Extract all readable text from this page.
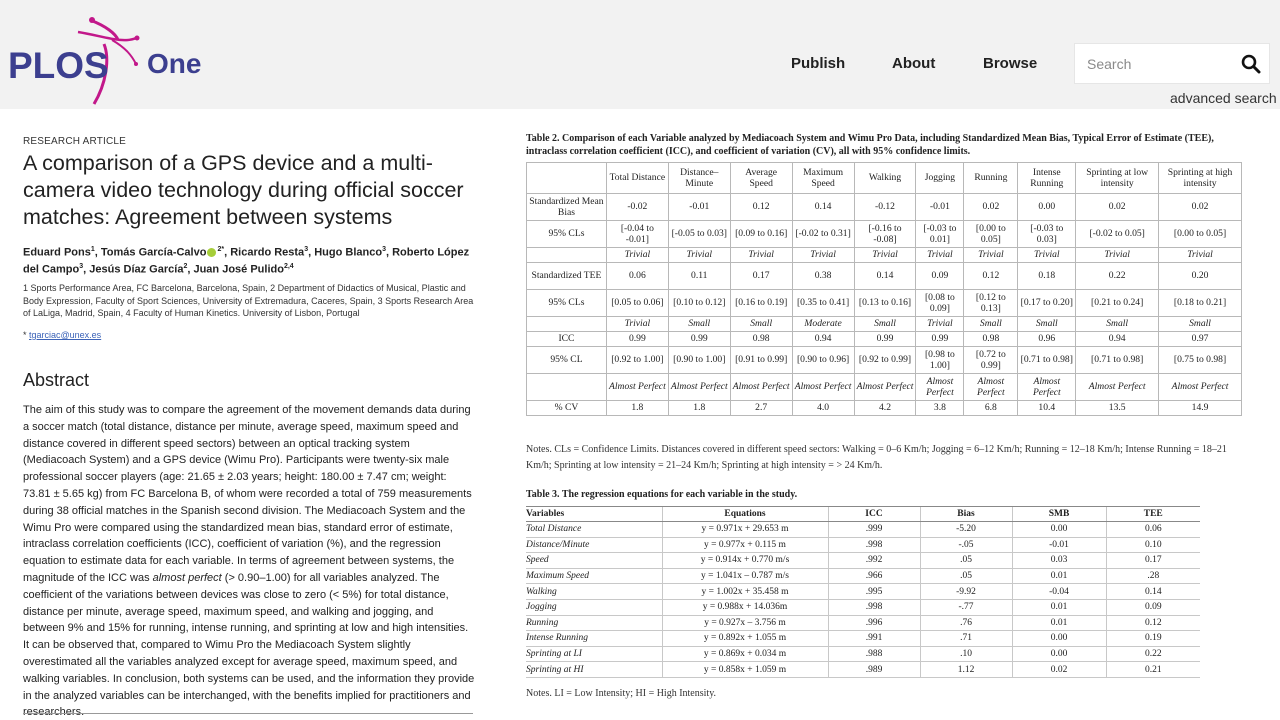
PLOS One	Publish	About	Browse
Search
advanced search
RESEARCH ARTICLE
A comparison of a GPS device and a multi-camera video technology during official soccer matches: Agreement between systems
Eduard Pons$^1$, Tomás García-Calvo $^{2*}$, Ricardo Resta$^3$, Hugo Blanco$^3$, Roberto López del Campo$^3$, Jesús Díaz García$^2$, Juan José Pulido$^{2,4}$
1 Sports Performance Area, FC Barcelona, Barcelona, Spain, 2 Department of Didactics of Musical, Plastic and Body Expression, Faculty of Sport Sciences, University of Extremadura, Caceres, Spain, 3 Sports Research Area of LaLiga, Madrid, Spain, 4 Faculty of Human Kinetics. University of Lisbon, Portugal
* tgarciac@unex.es
Abstract
The aim of this study was to compare the agreement of the movement demands data during a soccer match (total distance, distance per minute, average speed, maximum speed and distance covered in different speed sectors) between an optical tracking system (Mediacoach System) and a GPS device (Wimu Pro). Participants were twenty-six male professional soccer players (age: 21.65 ± 2.03 years; height: 180.00 ± 7.47 cm; weight: 73.81 ± 5.65 kg) from FC Barcelona B, of whom were recorded a total of 759 measurements during 38 official matches in the Spanish second division. The Mediacoach System and the Wimu Pro were compared using the standardized mean bias, standard error of estimate, intraclass correlation coefficients (ICC), coefficient of variation (%), and the regression equation to estimate data for each variable. In terms of agreement between systems, the magnitude of the ICC was almost perfect (> 0.90–1.00) for all variables analyzed. The coefficient of the variations between devices was close to zero (< 5%) for total distance, distance per minute, average speed, maximum speed, and walking and jogging, and between 9% and 15% for running, intense running, and sprinting at low and high intensities. It can be observed that, compared to Wimu Pro the Mediacoach System slightly overestimated all the variables analyzed except for average speed, maximum speed, and walking variables. In conclusion, both systems can be used, and the information they provide in the analyzed variables can be interchanged, with the benefits implied for practitioners and
Table 2. Comparison of each Variable analyzed by Mediacoach System and Wimu Pro Data, including Standardized Mean Bias, Typical Error of Estimate (TEE), intraclass correlation coefficient (ICC), and coefficient of variation (CV), all with 95% confidence limits.
	Total Distance	Distance–Minute	Average Speed	Maximum Speed	Walking	Jogging	Running	Intense Running	Sprinting at low intensity	Sprinting at high intensity
Standardized Mean Bias	-0.02	-0.01	0.12	0.14	-0.12	-0.01	0.02	0.00	0.02	0.02
95% CLs	[-0.04 to -0.01]	[-0.05 to 0.03]	[0.09 to 0.16]	[-0.02 to 0.31]	[-0.16 to -0.08]	[-0.03 to 0.01]	[0.00 to 0.05]	[-0.03 to 0.03]	[-0.02 to 0.05]	[0.00 to 0.05]
	Trivial	Trivial	Trivial	Trivial	Trivial	Trivial	Trivial	Trivial	Trivial	Trivial
Standardized TEE	0.06	0.11	0.17	0.38	0.14	0.09	0.12	0.18	0.22	0.20
95% CLs	[0.05 to 0.06]	[0.10 to 0.12]	[0.16 to 0.19]	[0.35 to 0.41]	[0.13 to 0.16]	[0.08 to 0.09]	[0.12 to 0.13]	[0.17 to 0.20]	[0.21 to 0.24]	[0.18 to 0.21]
	Trivial	Small	Small	Moderate	Small	Trivial	Small	Small	Small	Small
ICC	0.99	0.99	0.98	0.94	0.99	0.99	0.98	0.96	0.94	0.97
95% CL	[0.92 to 1.00]	[0.90 to 1.00]	[0.91 to 0.99]	[0.90 to 0.96]	[0.92 to 0.99]	[0.98 to 1.00]	[0.72 to 0.99]	[0.71 to 0.98]	[0.71 to 0.98]	[0.75 to 0.98]
	Almost Perfect	Almost Perfect	Almost Perfect	Almost Perfect	Almost Perfect	Almost Perfect	Almost Perfect	Almost Perfect	Almost Perfect	Almost Perfect
% CV	1.8	1.8	2.7	4.0	4.2	3.8	6.8	10.4	13.5	14.9
Notes. CLs = Confidence Limits. Distances covered in different speed sectors: Walking = 0–6 Km/h; Jogging = 6–12 Km/h; Running = 12–18 Km/h; Intense Running = 18–21 Km/h; Sprinting at low intensity = 21–24 Km/h; Sprinting at high intensity = > 24 Km/h.
Table 3. The regression equations for each variable in the study.
Variables	Equations	ICC	Bias	SMB	TEE
Total Distance	y = 0.971x + 29.653 m	.999	-5.20	0.00	0.06
Distance/Minute	y = 0.977x + 0.115 m	.998	-.05	-0.01	0.10
Speed	y = 0.914x + 0.770 m/s	.992	.05	0.03	0.17
Maximum Speed	y = 1.041x – 0.787 m/s	.966	.05	0.01	.28
Walking	y = 1.002x + 35.458 m	.995	-9.92	-0.04	0.14
Jogging	y = 0.988x + 14.036m	.998	-.77	0.01	0.09
Running	y = 0.927x – 3.756 m	.996	.76	0.01	0.12
Intense Running	y = 0.892x + 1.055 m	.991	.71	0.00	0.19
Sprinting at LI	y = 0.869x + 0.034 m	.988	.10	0.00	0.22
Sprinting at HI	y = 0.858x + 1.059 m	.989	1.12	0.02	0.21
Notes. LI = Low Intensity; HI = High Intensity.
